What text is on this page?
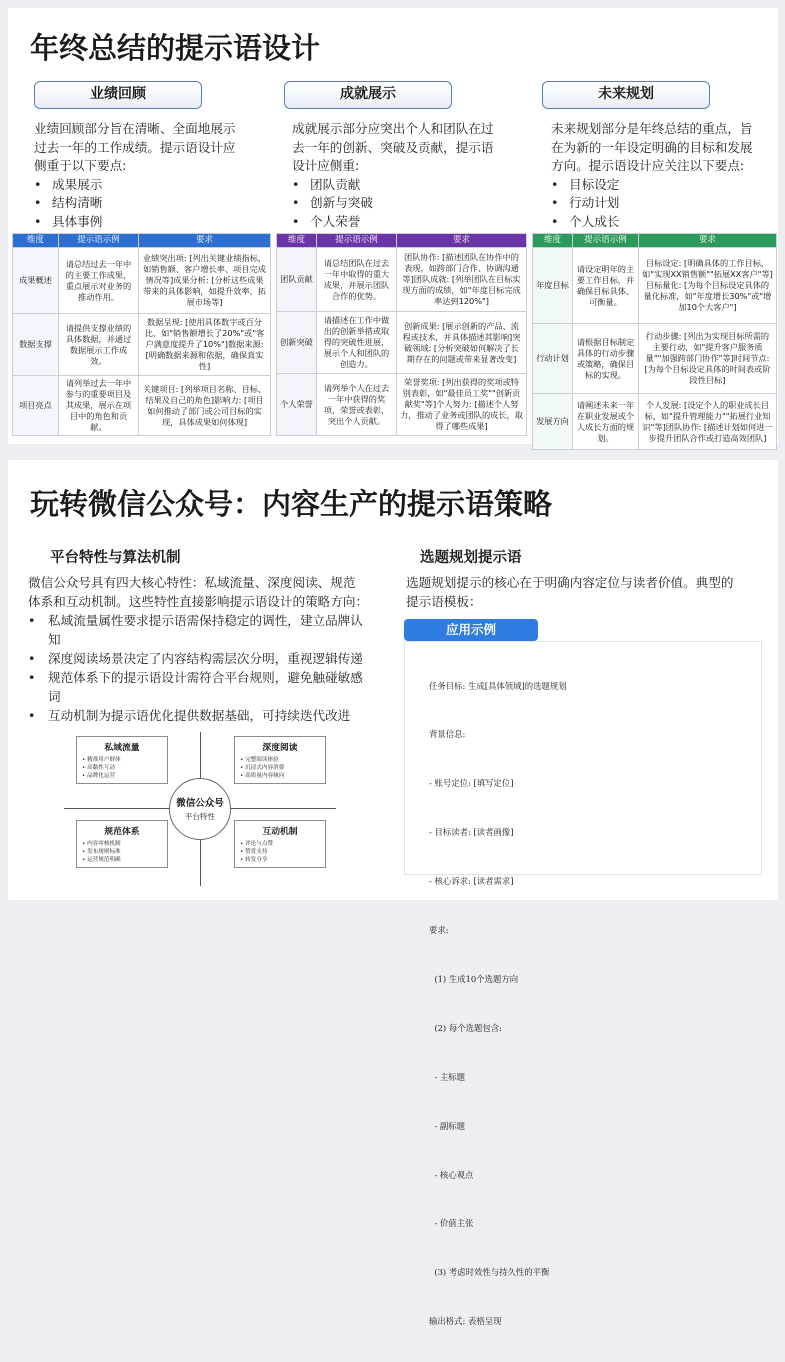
年终总结的提示语设计
业绩回顾
业绩回顾部分旨在清晰、全面地展示
过去一年的工作成绩。提示语设计应
侧重于以下要点:
• 成果展示
• 结构清晰
• 具体事例
成就展示
成就展示部分应突出个人和团队在过
去一年的创新、突破及贡献，提示语
设计应侧重:
• 团队贡献
• 创新与突破
• 个人荣誉
未来规划
未来规划部分是年终总结的重点，旨
在为新的一年设定明确的目标和发展
方向。提示语设计应关注以下要点:
• 目标设定
• 行动计划
• 个人成长
维度	提示语示例	要求
成果概述	请总结过去一年中的主要工作成果，重点展示对业务的推动作用。	业绩突出项: [列出关键业绩指标，如销售额、客户增长率、项目完成情况等]成果分析: [分析这些成果带来的具体影响，如提升效率、拓展市场等]
数据支撑	请提供支撑业绩的具体数据，并通过数据展示工作成效。	数据呈现: [使用具体数字或百分比，如"销售额增长了20%"或"客户满意度提升了10%"]数据来源: [明确数据来源和依据，确保真实性]
项目亮点	请列举过去一年中参与的重要项目及其成果，展示在项目中的角色和贡献。	关键项目: [列举项目名称、目标、结果及自己的角色]影响力: [项目如何推动了部门或公司目标的实现，具体成果如何体现]
维度	提示语示例	要求
团队贡献	请总结团队在过去一年中取得的重大成果，并展示团队合作的优势。	团队协作: [描述团队在协作中的表现，如跨部门合作、协调沟通等]团队成就: [列举团队在目标实现方面的成绩，如"年度目标完成率达到120%"]
创新突破	请描述在工作中做出的创新举措或取得的突破性进展，展示个人和团队的创造力。	创新成果: [展示创新的产品、流程或技术，并具体描述其影响]突破领域: [分析突破如何解决了长期存在的问题或带来显著改变]
个人荣誉	请列举个人在过去一年中获得的奖项、荣誉或表彰，突出个人贡献。	荣誉奖项: [列出获得的奖项或特别表彰，如"最佳员工奖""创新贡献奖"等]个人努力: [描述个人努力，推动了业务或团队的成长，取得了哪些成果]
维度	提示语示例	要求
年度目标	请设定明年的主要工作目标，并确保目标具体、可衡量。	目标设定: [明确具体的工作目标，如"实现XX销售额""拓展XX客户"等]目标量化: [为每个目标设定具体的量化标准，如"年度增长30%"或"增加10个大客户"]
行动计划	请根据目标制定具体的行动步骤或策略，确保目标的实现。	行动步骤: [列出为实现目标所需的主要行动，如"提升客户服务质量""加强跨部门协作"等]时间节点: [为每个目标设定具体的时间表或阶段性目标]
发展方向	请阐述未来一年在职业发展或个人成长方面的规划。	个人发展: [设定个人的职业成长目标，如"提升管理能力""拓展行业知识"等]团队协作: [描述计划如何进一步提升团队合作或打造高效团队]
玩转微信公众号：内容生产的提示语策略
平台特性与算法机制
微信公众号具有四大核心特性：私域流量、深度阅读、规范
体系和互动机制。这些特性直接影响提示语设计的策略方向：
• 私域流量属性要求提示语需保持稳定的调性，建立品牌认知
• 深度阅读场景决定了内容结构需层次分明，重视逻辑传递
• 规范体系下的提示语设计需符合平台规则，避免触碰敏感词
• 互动机制为提示语优化提供数据基础，可持续迭代改进
私域流量
• 精准用户群体
• 高黏性互动
• 品牌化运营
深度阅读
• 完整阅读体验
• 沉浸式内容消费
• 高质量内容倾向
规范体系
• 内容审核机制
• 发布规则标准
• 运营规范明确
互动机制
• 评论与点赞
• 赞赏支持
• 转发分享
微信公众号
平台特性
选题规划提示语
选题规划提示的核心在于明确内容定位与读者价值。典型的
提示语模板：
应用示例

任务目标: 生成[具体领域]的选题规划

背景信息:

- 账号定位: [填写定位]

- 目标读者: [读者画像]

- 核心诉求: [读者需求]

要求:

(1) 生成10个选题方向

(2) 每个选题包含:

- 主标题

- 副标题

- 核心观点

- 价值主张

(3) 考虑时效性与持久性的平衡

输出格式: 表格呈现
